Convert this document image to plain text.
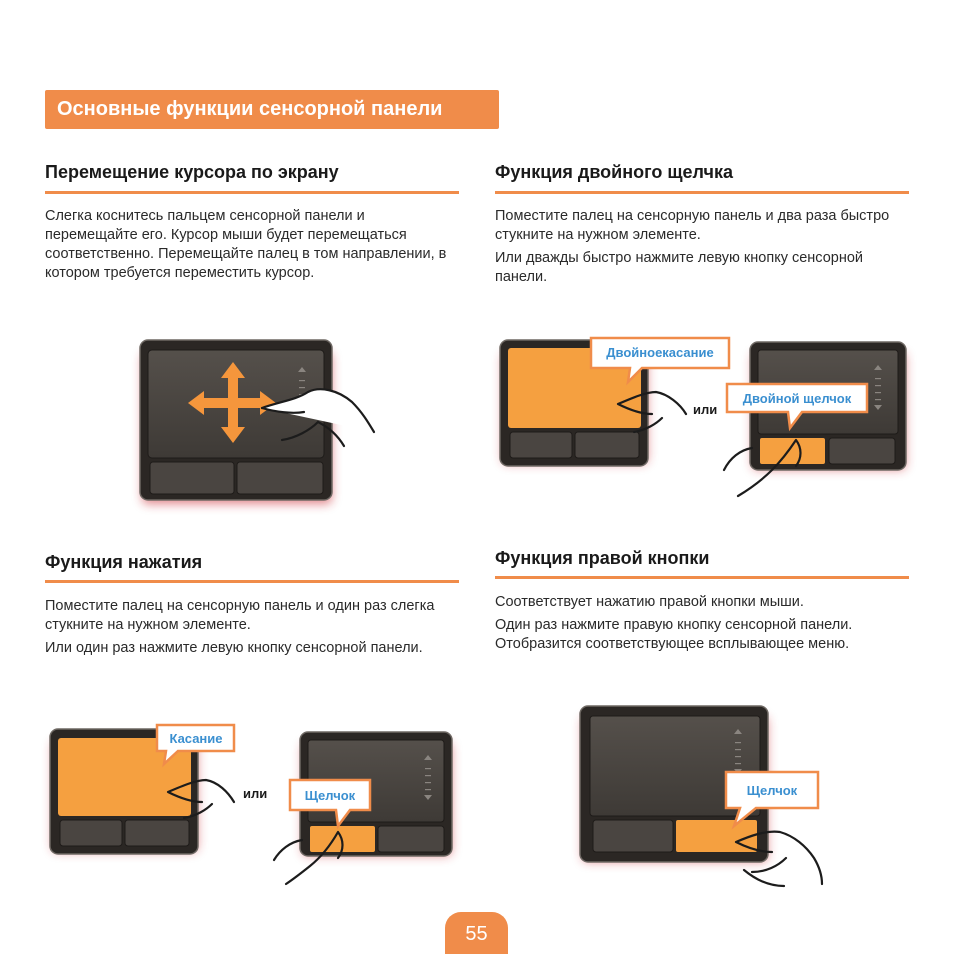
Основные функции сенсорной панели
Перемещение курсора по экрану

Слегка коснитесь пальцем сенсорной панели и перемещайте его. Курсор мыши будет перемещаться соответственно. Перемещайте палец в том направлении, в котором требуется переместить курсор.

Функция двойного щелчка

Поместите палец на сенсорную панель и два раза быстро стукните на нужном элементе.

Или дважды быстро нажмите левую кнопку сенсорной панели.

Функция нажатия

Поместите палец на сенсорную панель и один раз слегка стукните на нужном элементе.

Или один раз нажмите левую кнопку сенсорной панели.

Функция правой кнопки

Соответствует нажатию правой кнопки мыши.

Один раз нажмите правую кнопку сенсорной панели. Отобразится соответствующее всплывающее меню.

Двойноекасание
или
Двойной щелчок
Касание
или	Щелчок	Щелчок
55
